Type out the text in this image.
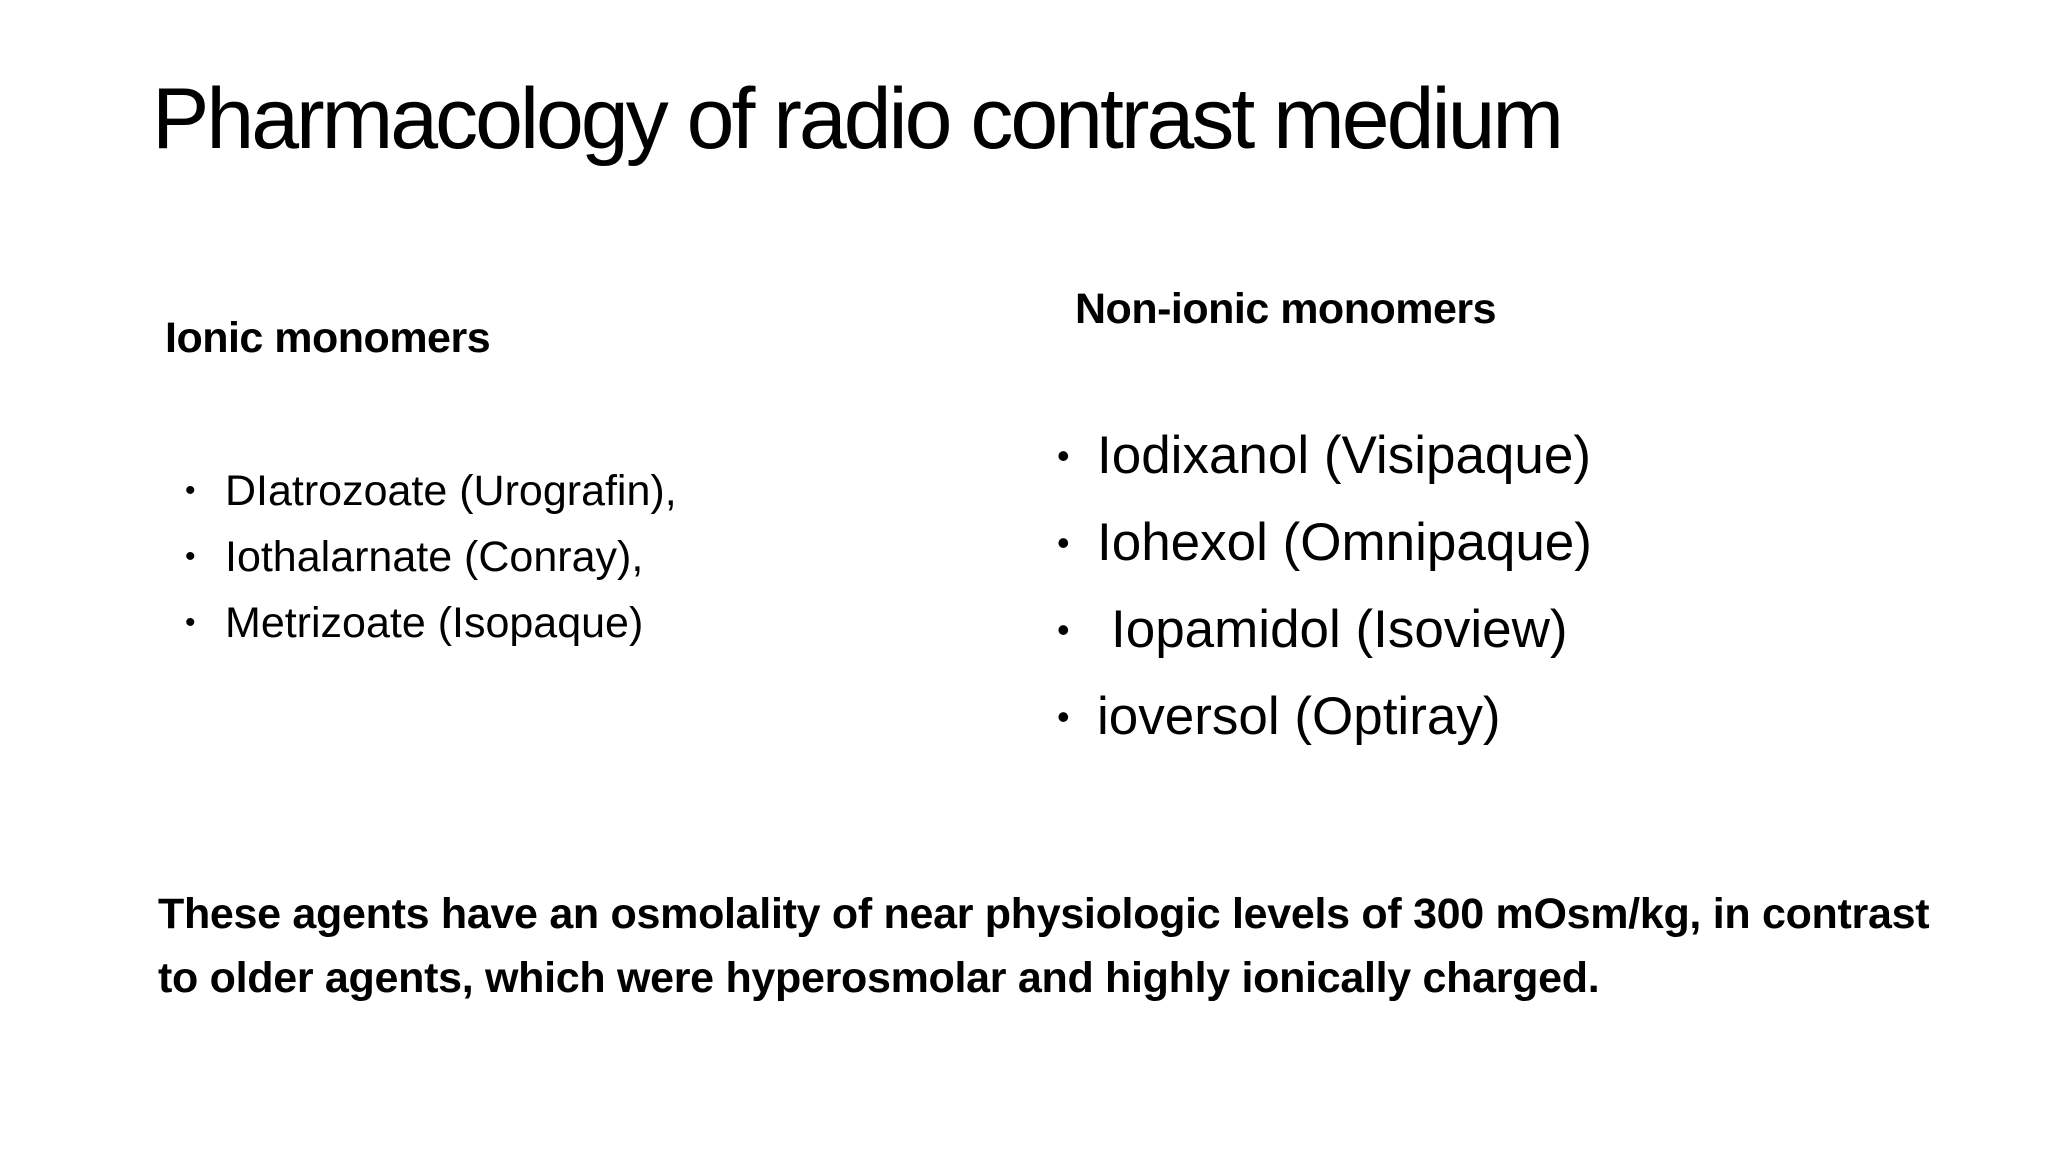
Pharmacology of radio contrast medium
Ionic monomers
• DIatrozoate (Urografin),
• Iothalarnate (Conray),
• Metrizoate (Isopaque)
Non-ionic monomers
• Iodixanol (Visipaque)
• Iohexol (Omnipaque)
• Iopamidol (Isoview)
• ioversol (Optiray)

These agents have an osmolality of near physiologic levels of 300 mOsm/kg, in contrast to older agents, which were hyperosmolar and highly ionically charged.
